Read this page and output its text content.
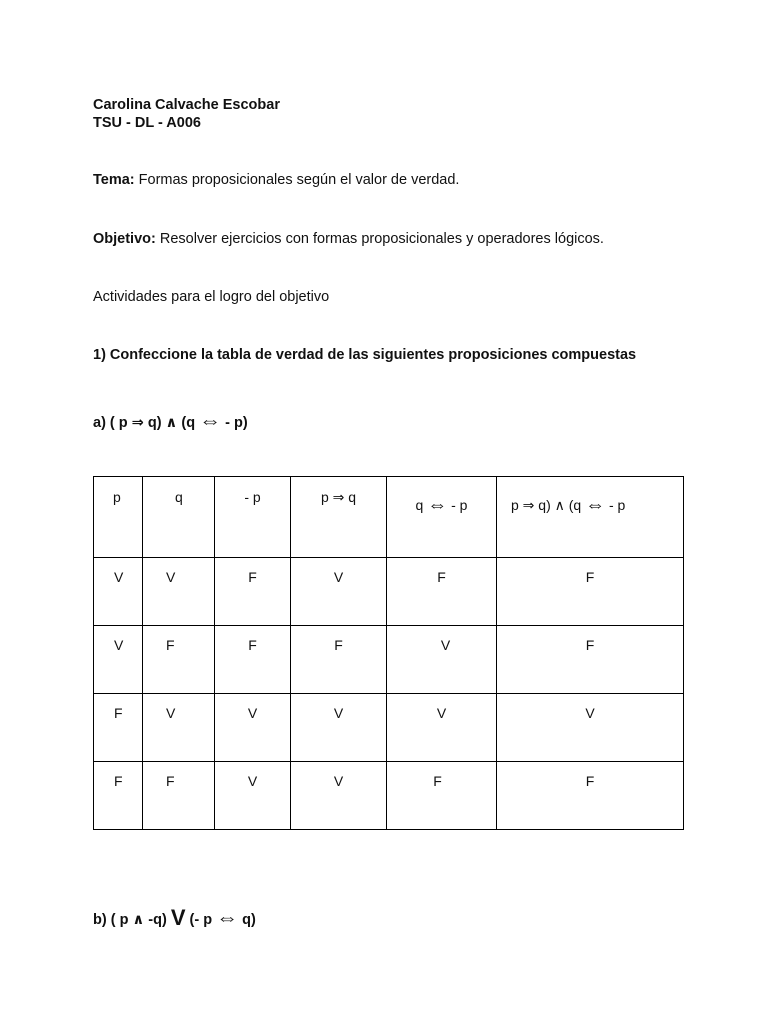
Carolina Calvache Escobar
TSU - DL - A006
Tema: Formas proposicionales según el valor de verdad.
Objetivo: Resolver ejercicios con formas proposicionales y operadores lógicos.
Actividades para el logro del objetivo
1) Confeccione la tabla de verdad de las siguientes proposiciones compuestas
a) ( p ⇒ q) ∧ (q ⇔ - p)
p	q	- p	p ⇒ q	q ⇔ - p	p ⇒ q) ∧ (q ⇔ - p
V	V	F	V	F	F
V	F	F	F	V	F
F	V	V	V	V	V
F	F	V	V	F	F
b) ( p ∧ -q) V (- p ⇔ q)
